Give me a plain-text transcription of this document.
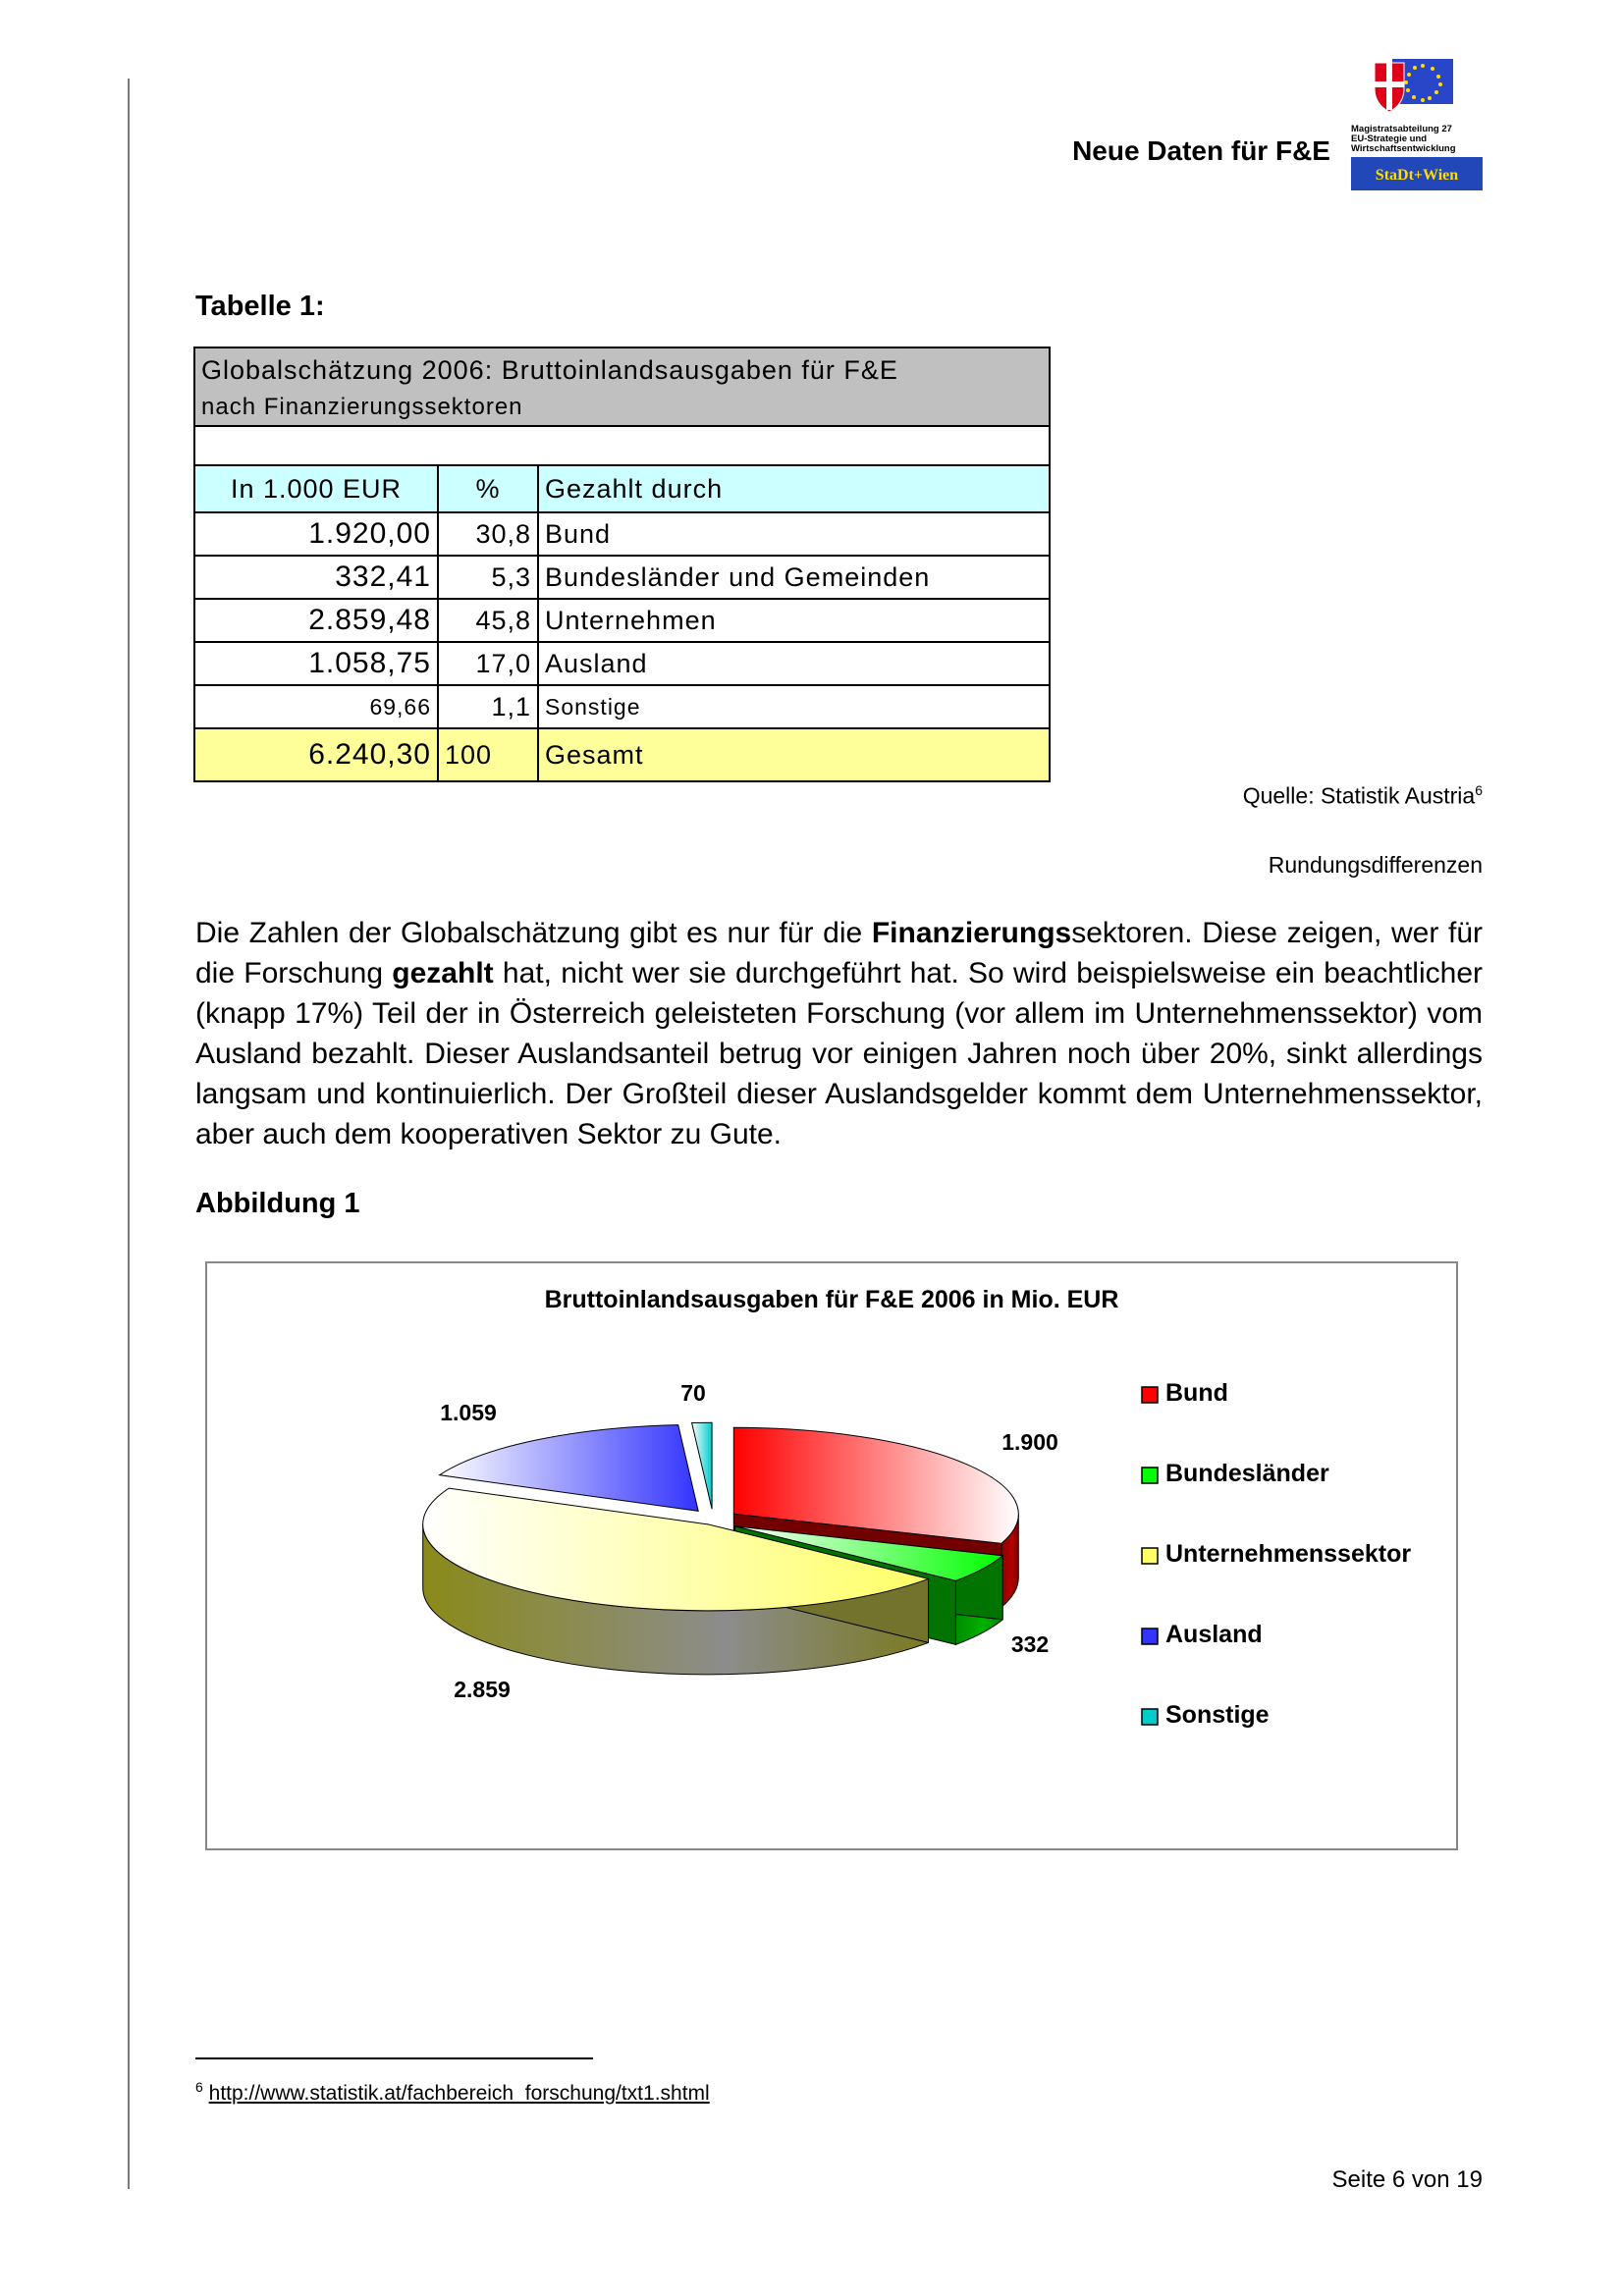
Neue Daten für F&E
Magistratsabteilung 27
EU-Strategie und
Wirtschaftsentwicklung
StaDt+Wien
Tabelle 1:
Globalschätzung 2006: Bruttoinlandsausgaben für F&E		
nach Finanzierungssektoren		

In 1.000 EUR	%	Gezahlt durch
1.920,00	30,8	Bund
332,41	5,3	Bundesländer und Gemeinden
2.859,48	45,8	Unternehmen
1.058,75	17,0	Ausland
69,66	1,1	Sonstige
6.240,30	100	Gesamt
Quelle: Statistik Austria$^6$
Rundungsdifferenzen
Die Zahlen der Globalschätzung gibt es nur für die Finanzierungssektoren. Diese zeigen, wer für die Forschung gezahlt hat, nicht wer sie durchgeführt hat. So wird beispielsweise ein beachtlicher (knapp 17%) Teil der in Österreich geleisteten Forschung (vor allem im Unternehmenssektor) vom Ausland bezahlt. Dieser Auslandsanteil betrug vor einigen Jahren noch über 20%, sinkt allerdings langsam und kontinuierlich. Der Großteil dieser Auslandsgelder kommt dem Unternehmenssektor, aber auch dem kooperativen Sektor zu Gute.
Abbildung 1
Bruttoinlandsausgaben für F&E 2006 in Mio. EUR
1.900
332
2.859
1.059
70	Bund
Bundesländer
Unternehmenssektor
Ausland
Sonstige
$^6$ http://www.statistik.at/fachbereich_forschung/txt1.shtml
Seite 6 von 19
